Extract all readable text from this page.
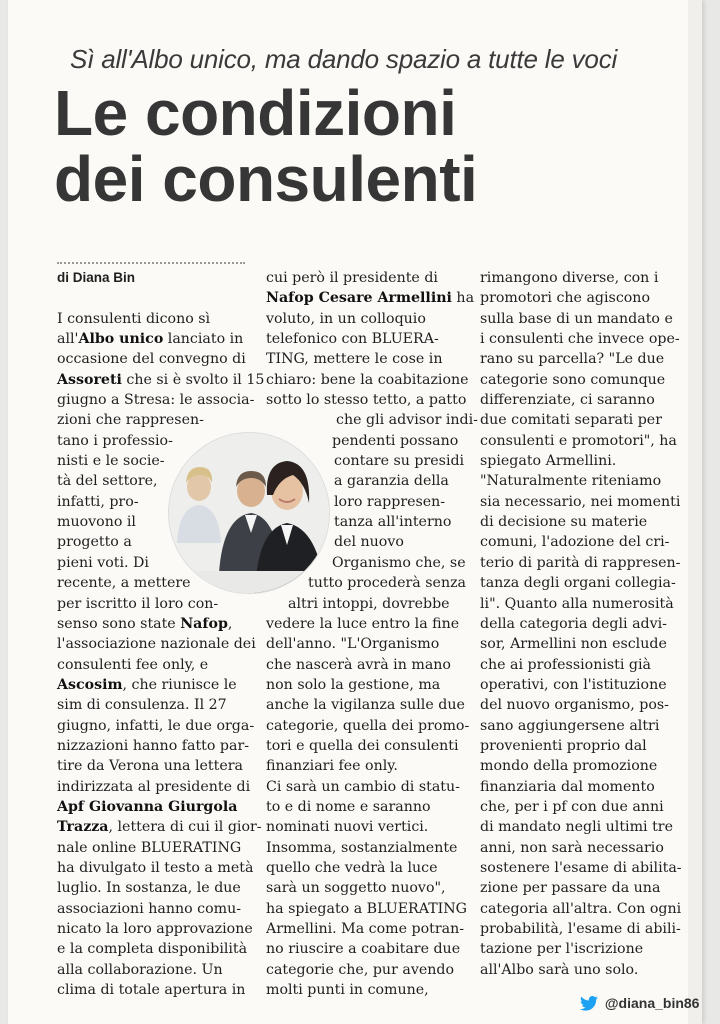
Sì all'Albo unico, ma dando spazio a tutte le voci
Le condizioni
dei consulenti
di Diana Bin
I consulenti dicono sì
all'Albo unico lanciato in
occasione del convegno di
Assoreti che si è svolto il 15
giugno a Stresa: le associa-
zioni che rappresen-
tano i professio-
nisti e le socie-
tà del settore,
infatti, pro-
muovono il
progetto a
pieni voti. Di
recente, a mettere
per iscritto il loro con-
senso sono state Nafop,
l'associazione nazionale dei
consulenti fee only, e
Ascosim, che riunisce le
sim di consulenza. Il 27
giugno, infatti, le due orga-
nizzazioni hanno fatto par-
tire da Verona una lettera
indirizzata al presidente di
Apf Giovanna Giurgola
Trazza, lettera di cui il gior-
nale online BLUERATING
ha divulgato il testo a metà
luglio. In sostanza, le due
associazioni hanno comu-
nicato la loro approvazione
e la completa disponibilità
alla collaborazione. Un
clima di totale apertura in
cui però il presidente di
Nafop Cesare Armellini ha
voluto, in un colloquio
telefonico con BLUERA-
TING, mettere le cose in
chiaro: bene la coabitazione
sotto lo stesso tetto, a patto
che gli advisor indi-
pendenti possano
contare su presidi
a garanzia della
loro rappresen-
tanza all'interno
del nuovo
Organismo che, se
tutto procederà senza
altri intoppi, dovrebbe
vedere la luce entro la fine
dell'anno. "L'Organismo
che nascerà avrà in mano
non solo la gestione, ma
anche la vigilanza sulle due
categorie, quella dei promo-
tori e quella dei consulenti
finanziari fee only.
Ci sarà un cambio di statu-
to e di nome e saranno
nominati nuovi vertici.
Insomma, sostanzialmente
quello che vedrà la luce
sarà un soggetto nuovo",
ha spiegato a BLUERATING
Armellini. Ma come potran-
no riuscire a coabitare due
categorie che, pur avendo
molti punti in comune,
rimangono diverse, con i
promotori che agiscono
sulla base di un mandato e
i consulenti che invece ope-
rano su parcella? "Le due
categorie sono comunque
differenziate, ci saranno
due comitati separati per
consulenti e promotori", ha
spiegato Armellini.
"Naturalmente riteniamo
sia necessario, nei momenti
di decisione su materie
comuni, l'adozione del cri-
terio di parità di rappresen-
tanza degli organi collegia-
li". Quanto alla numerosità
della categoria degli advi-
sor, Armellini non esclude
che ai professionisti già
operativi, con l'istituzione
del nuovo organismo, pos-
sano aggiungersene altri
provenienti proprio dal
mondo della promozione
finanziaria dal momento
che, per i pf con due anni
di mandato negli ultimi tre
anni, non sarà necessario
sostenere l'esame di abilita-
zione per passare da una
categoria all'altra. Con ogni
probabilità, l'esame di abili-
tazione per l'iscrizione
all'Albo sarà uno solo.
@diana_bin86
